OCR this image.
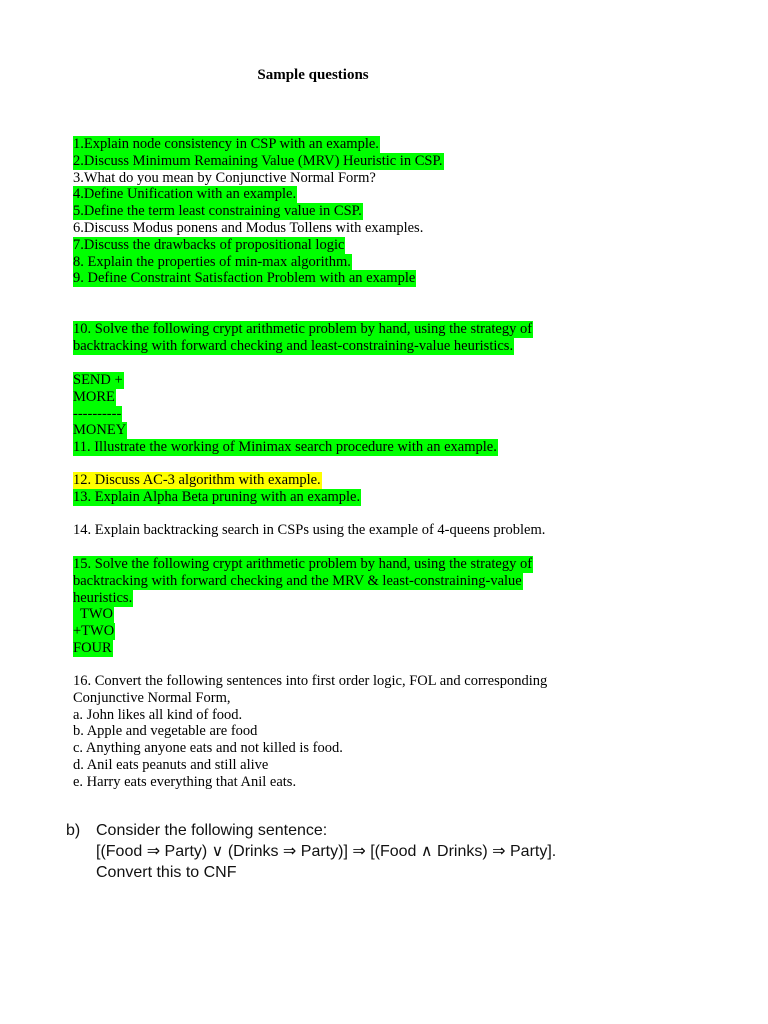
Sample questions
1.Explain node consistency in CSP with an example.
2.Discuss Minimum Remaining Value (MRV) Heuristic in CSP.
3.What do you mean by Conjunctive Normal Form?
4.Define Unification with an example.
5.Define the term least constraining value in CSP.
6.Discuss Modus ponens and Modus Tollens with examples.
7.Discuss the drawbacks of propositional logic
8. Explain the properties of min-max algorithm.
9. Define Constraint Satisfaction Problem with an example
10. Solve the following crypt arithmetic problem by hand, using the strategy of
backtracking with forward checking and least-constraining-value heuristics.
SEND +
MORE
----------
MONEY
11. Illustrate the working of Minimax search procedure with an example.
12. Discuss AC-3 algorithm with example.
13. Explain Alpha Beta pruning with an example.
14. Explain backtracking search in CSPs using the example of 4-queens problem.
15. Solve the following crypt arithmetic problem by hand, using the strategy of
backtracking with forward checking and the MRV & least-constraining-value
heuristics.
TWO
+TWO
FOUR
16. Convert the following sentences into first order logic, FOL and corresponding
Conjunctive Normal Form,
a. John likes all kind of food.
b. Apple and vegetable are food
c. Anything anyone eats and not killed is food.
d. Anil eats peanuts and still alive
e. Harry eats everything that Anil eats.
b) Consider the following sentence:
[(Food ⇒ Party) ∨ (Drinks ⇒ Party)] ⇒ [(Food ∧ Drinks) ⇒ Party].
Convert this to CNF
